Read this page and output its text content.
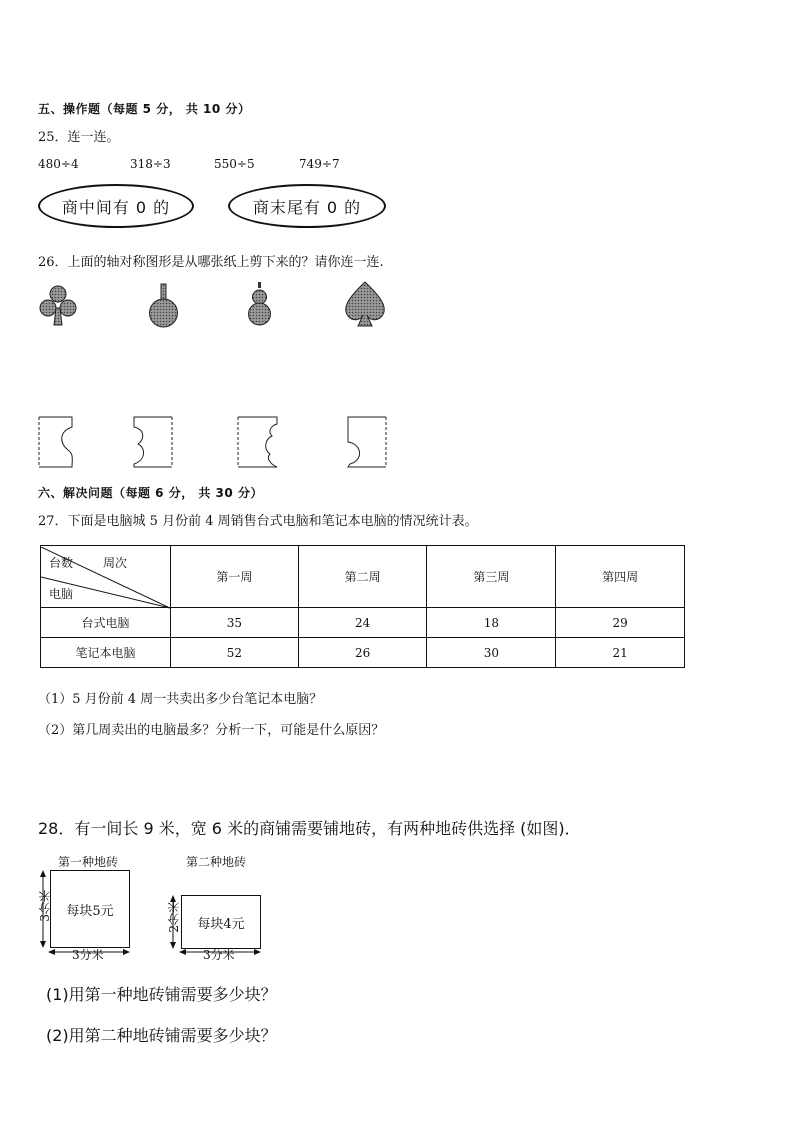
五、操作题（每题 5 分， 共 10 分）
25．连一连。
480÷4	318÷3	550÷5	749÷7
商中间有 0 的	商末尾有 0 的
26．上面的轴对称图形是从哪张纸上剪下来的？请你连一连.
六、解决问题（每题 6 分， 共 30 分）
27．下面是电脑城 5 月份前 4 周销售台式电脑和笔记本电脑的情况统计表。
台数 周次
电脑	第一周	第二周	第三周	第四周
台式电脑	35	24	18	29
笔记本电脑	52	26	30	21
（1）5 月份前 4 周一共卖出多少台笔记本电脑？
（2）第几周卖出的电脑最多？分析一下，可能是什么原因？
28．有一间长 9 米，宽 6 米的商铺需要铺地砖，有两种地砖供选择 (如图)．
第一种地砖	第二种地砖
每块5元
3分米
3分米
每块4元
2分米
3分米
(1)用第一种地砖铺需要多少块？
(2)用第二种地砖铺需要多少块？
